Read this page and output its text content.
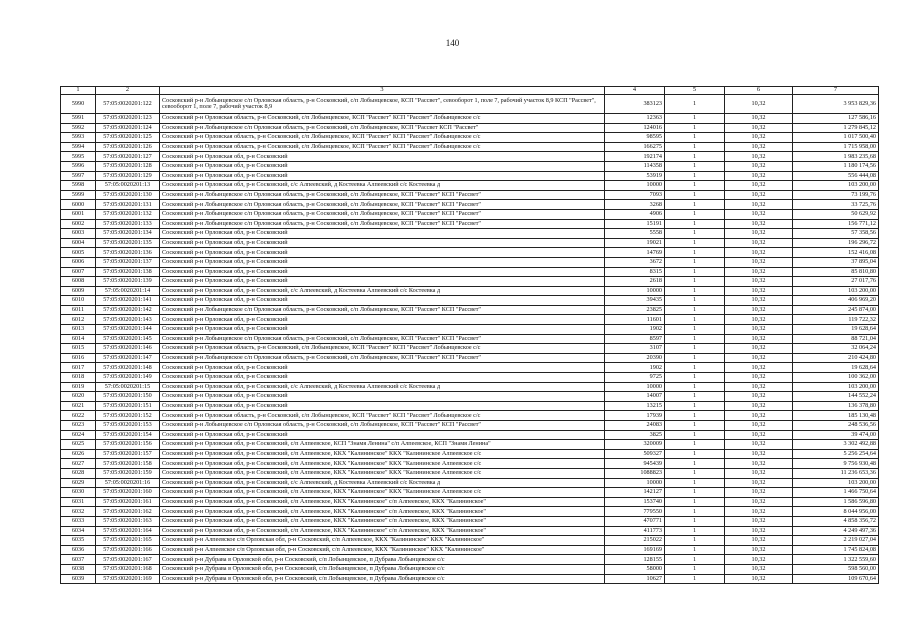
140
1	2	3	4	5	6	7
5990	57:05:0020201:122	Сосковский р-н Лобынцевское с/п Орловская область, р-н Сосковский, с/п Лобынцевское, КСП "Рассвет", севооборот 1, поле 7, рабочий участок 8,9 КСП "Рассвет", севооборот 1, поле 7, рабочий участок 8,9	383123	1	10,32	3 953 829,36
5991	57:05:0020201:123	Сосковский р-н Орловская область, р-н Сосковский, с/п Лобынцевское, КСП "Рассвет" КСП "Рассвет" Лобынцевское с/с	12363	1	10,32	127 586,16
5992	57:05:0020201:124	Сосковский р-н Лобынцевское с/п Орловская область, р-н Сосковский, с/п Лобынцевское, КСП "Рассвет КСП "Рассвет"	124016	1	10,32	1 279 845,12
5993	57:05:0020201:125	Сосковский р-н Орловская область, р-н Сосковский, с/п Лобынцевское, КСП "Рассвет" КСП "Рассвет" Лобынцевское с/с	98595	1	10,32	1 017 500,40
5994	57:05:0020201:126	Сосковский р-н Орловская область, р-н Сосковский, с/п Лобынцевское, КСП "Рассвет" КСП "Рассвет" Лобынцевское с/с	166275	1	10,32	1 715 958,00
5995	57:05:0020201:127	Сосковский р-н Орловская обл, р-н Сосковский	192174	1	10,32	1 983 235,68
5996	57:05:0020201:128	Сосковский р-н Орловская обл, р-н Сосковский	114358	1	10,32	1 180 174,56
5997	57:05:0020201:129	Сосковский р-н Орловская обл, р-н Сосковский	53919	1	10,32	556 444,08
5998	57:05:0020201:13	Сосковский р-н Орловская обл, р-н Сосковский, с/с Алпеевский, д Костеевка Алпеевский с/с Костеевка д	10000	1	10,32	103 200,00
5999	57:05:0020201:130	Сосковский р-н Лобынцевское с/п Орловская область, р-н Сосковский, с/п Лобынцевское, КСП "Рассвет" КСП "Рассвет"	7093	1	10,32	73 199,76
6000	57:05:0020201:131	Сосковский р-н Лобынцевское с/п Орловская область, р-н Сосковский, с/п Лобынцевское, КСП "Рассвет" КСП "Рассвет"	3268	1	10,32	33 725,76
6001	57:05:0020201:132	Сосковский р-н Лобынцевское с/п Орловская область, р-н Сосковский, с/п Лобынцевское, КСП "Рассвет" КСП "Рассвет"	4906	1	10,32	50 629,92
6002	57:05:0020201:133	Сосковский р-н Лобынцевское с/п Орловская область, р-н Сосковский, с/п Лобынцевское, КСП "Рассвет" КСП "Рассвет"	15191	1	10,32	156 771,12
6003	57:05:0020201:134	Сосковский р-н Орловская обл, р-н Сосковский	5558	1	10,32	57 358,56
6004	57:05:0020201:135	Сосковский р-н Орловская обл, р-н Сосковский	19021	1	10,32	196 296,72
6005	57:05:0020201:136	Сосковский р-н Орловская обл, р-н Сосковский	14769	1	10,32	152 416,08
6006	57:05:0020201:137	Сосковский р-н Орловская обл, р-н Сосковский	3672	1	10,32	37 895,04
6007	57:05:0020201:138	Сосковский р-н Орловская обл, р-н Сосковский	8315	1	10,32	85 810,80
6008	57:05:0020201:139	Сосковский р-н Орловская обл, р-н Сосковский	2618	1	10,32	27 017,76
6009	57:05:0020201:14	Сосковский р-н Орловская обл, р-н Сосковский, с/с Алпеевский, д Костеевка Алпеевский с/с Костеевка д	10000	1	10,32	103 200,00
6010	57:05:0020201:141	Сосковский р-н Орловская обл, р-н Сосковский	39435	1	10,32	406 969,20
6011	57:05:0020201:142	Сосковский р-н Лобынцевское с/п Орловская область, р-н Сосковский, с/п Лобынцевское, КСП "Рассвет" КСП "Рассвет"	23825	1	10,32	245 874,00
6012	57:05:0020201:143	Сосковский р-н Орловская обл, р-н Сосковский	11601	1	10,32	119 722,32
6013	57:05:0020201:144	Сосковский р-н Орловская обл, р-н Сосковский	1902	1	10,32	19 628,64
6014	57:05:0020201:145	Сосковский р-н Лобынцевское с/п Орловская область, р-н Сосковский, с/п Лобынцевское, КСП "Рассвет" КСП "Рассвет"	8597	1	10,32	88 721,04
6015	57:05:0020201:146	Сосковский р-н Орловская область, р-н Сосковский, с/п Лобынцевское, КСП "Рассвет" КСП "Рассвет" Лобынцевское с/с	3107	1	10,32	32 064,24
6016	57:05:0020201:147	Сосковский р-н Лобынцевское с/п Орловская область, р-н Сосковский, с/п Лобынцевское, КСП "Рассвет" КСП "Рассвет"	20390	1	10,32	210 424,80
6017	57:05:0020201:148	Сосковский р-н Орловская обл, р-н Сосковский	1902	1	10,32	19 628,64
6018	57:05:0020201:149	Сосковский р-н Орловская обл, р-н Сосковский	9725	1	10,32	100 362,00
6019	57:05:0020201:15	Сосковский р-н Орловская обл, р-н Сосковский, с/с Алпеевский, д Костеевка Алпеевский с/с Костеевка д	10000	1	10,32	103 200,00
6020	57:05:0020201:150	Сосковский р-н Орловская обл, р-н Сосковский	14007	1	10,32	144 552,24
6021	57:05:0020201:151	Сосковский р-н Орловская обл, р-н Сосковский	13215	1	10,32	136 378,80
6022	57:05:0020201:152	Сосковский р-н Орловская область, р-н Сосковский, с/п Лобынцевское, КСП "Рассвет" КСП "Рассвет" Лобынцевское с/с	17939	1	10,32	185 130,48
6023	57:05:0020201:153	Сосковский р-н Лобынцевское с/п Орловская область, р-н Сосковский, с/п Лобынцевское, КСП "Рассвет" КСП "Рассвет"	24083	1	10,32	248 536,56
6024	57:05:0020201:154	Сосковский р-н Орловская обл, р-н Сосковский	3825	1	10,32	39 474,00
6025	57:05:0020201:156	Сосковский р-н Орловская обл, р-н Сосковский, с/п Алпеевское, КСП "Знамя Ленина" с/п Алпеевское, КСП "Знамя Ленина"	320009	1	10,32	3 302 492,88
6026	57:05:0020201:157	Сосковский р-н Орловская обл, р-н Сосковский, с/п Алпеевское, ККХ "Калининское" ККХ "Калининское Алпеевское с/с	509327	1	10,32	5 256 254,64
6027	57:05:0020201:158	Сосковский р-н Орловская обл, р-н Сосковский, с/п Алпеевское, ККХ "Калининское" ККХ "Калининское Алпеевское с/с	945439	1	10,32	9 756 930,48
6028	57:05:0020201:159	Сосковский р-н Орловская обл, р-н Сосковский, с/п Алпеевское, ККХ "Калининское" ККХ "Калининское Алпеевское с/с	1088823	1	10,32	11 236 653,36
6029	57:05:0020201:16	Сосковский р-н Орловская обл, р-н Сосковский, с/с Алпеевский, д Костеевка Алпеевский с/с Костеевка д	10000	1	10,32	103 200,00
6030	57:05:0020201:160	Сосковский р-н Орловская обл, р-н Сосковский, с/п Алпеевское, ККХ "Калининское" ККХ "Калининское Алпеевское с/с	142127	1	10,32	1 466 750,64
6031	57:05:0020201:161	Сосковский р-н Орловская обл, р-н Сосковский, с/п Алпеевское, ККХ "Калининское" с/п Алпеевское, ККХ "Калининское"	153740	1	10,32	1 586 596,80
6032	57:05:0020201:162	Сосковский р-н Орловская обл, р-н Сосковский, с/п Алпеевское, ККХ "Калининское" с/п Алпеевское, ККХ "Калининское"	779550	1	10,32	8 044 956,00
6033	57:05:0020201:163	Сосковский р-н Орловская обл, р-н Сосковский, с/п Алпеевское, ККХ "Калининское" с/п Алпеевское, ККХ "Калининское"	470771	1	10,32	4 858 356,72
6034	57:05:0020201:164	Сосковский р-н Орловская обл, р-н Сосковский, с/п Алпеевское, ККХ "Калининское" с/п Алпеевское, ККХ "Калининское"	411773	1	10,32	4 249 497,36
6035	57:05:0020201:165	Сосковский р-н Алпеевское с/п Орловская обл, р-н Сосковский, с/п Алпеевское, ККХ "Калининское" ККХ "Калининское"	215022	1	10,32	2 219 027,04
6036	57:05:0020201:166	Сосковский р-н Алпеевское с/п Орловская обл, р-н Сосковский, с/п Алпеевское, ККХ "Калининское" ККХ "Калининское"	169169	1	10,32	1 745 824,08
6037	57:05:0020201:167	Сосковский р-н Дубрава в Орловской обл, р-н Сосковский, с/п Лобынцевское, п Дубрава Лобынцевское с/с	128155	1	10,32	1 322 559,60
6038	57:05:0020201:168	Сосковский р-н Дубрава в Орловской обл, р-н Сосковский, с/п Лобынцевское, п Дубрава Лобынцевское с/с	58000	1	10,32	598 560,00
6039	57:05:0020201:169	Сосковский р-н Дубрава в Орловской обл, р-н Сосковский, с/п Лобынцевское, п Дубрава Лобынцевское с/с	10627	1	10,32	109 670,64
